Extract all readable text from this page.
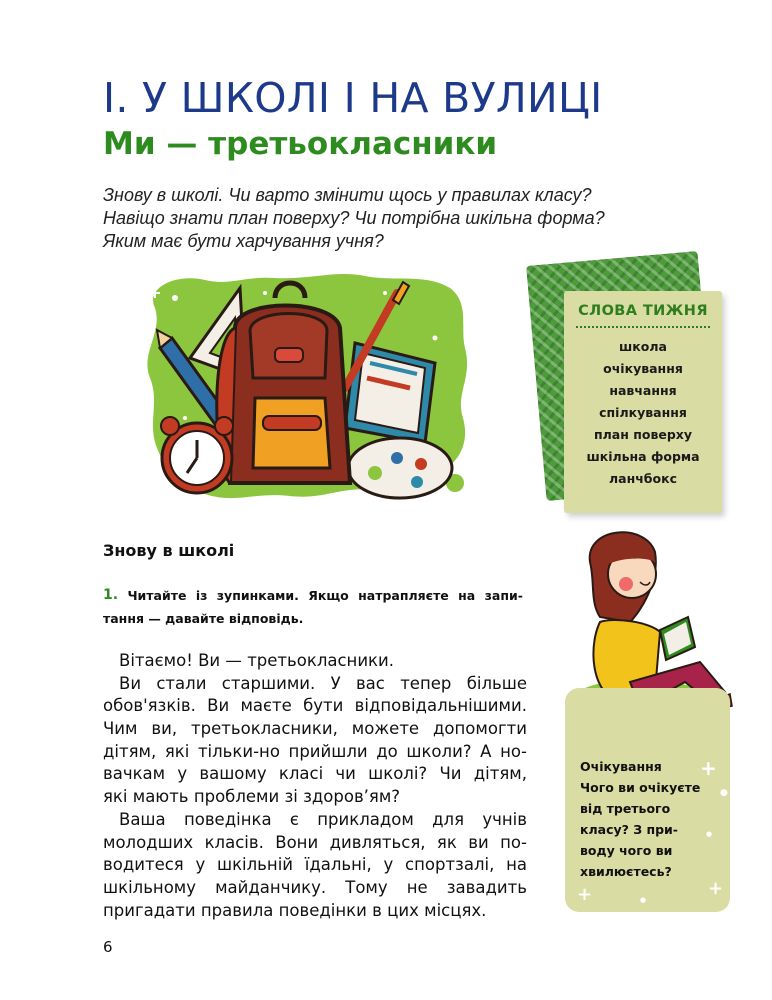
І. У ШКОЛІ І НА ВУЛИЦІ
Ми — третьокласники
Знову в школі. Чи варто змінити щось у правилах класу?
Навіщо знати план поверху? Чи потрібна шкільна форма?
Яким має бути харчування учня?
СЛОВА ТИЖНЯ
школа
очікування
навчання
спілкування
план поверху
шкільна форма
ланчбокс
Знову в школі
1. Читайте із зупинками. Якщо натрапляєте на запи-
тання — давайте відповідь.
Вітаємо! Ви — третьокласники.
Ви стали старшими. У вас тепер більше
обов'язків. Ви маєте бути відповідальнішими.
Чим ви, третьокласники, можете допомогти
дітям, які тільки-но прийшли до школи? А но-
вачкам у вашому класі чи школі? Чи дітям,
які мають проблеми зі здоров’ям?
Ваша поведінка є прикладом для учнів
молодших класів. Вони дивляться, як ви по-
водитеся у шкільній їдальні, у спортзалі, на
шкільному майданчику. Тому не завадить
пригадати правила поведінки в цих місцях.
Очікування
Чого ви очікуєте
від третього
класу? З при-
воду чого ви
хвилюєтесь?
+
●
●
+
+	●
6
